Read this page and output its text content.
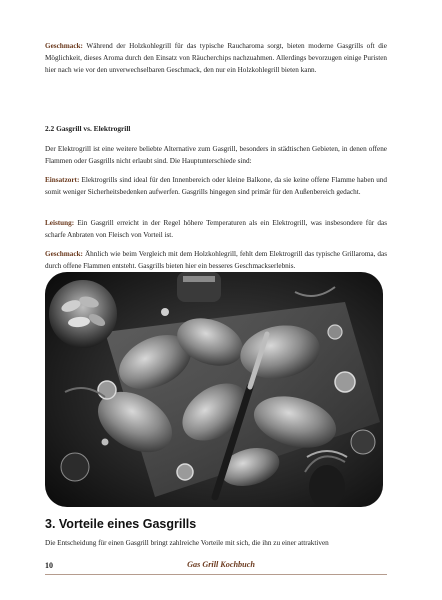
Geschmack: Während der Holzkohlegrill für das typische Raucharoma sorgt, bieten moderne Gasgrills oft die Möglichkeit, dieses Aroma durch den Einsatz von Räucherchips nachzuahmen. Allerdings bevorzugen einige Puristen hier nach wie vor den unverwechselbaren Geschmack, den nur ein Holzkohlegrill bieten kann.

2.2 Gasgrill vs. Elektrogrill

Der Elektrogrill ist eine weitere beliebte Alternative zum Gasgrill, besonders in städtischen Gebieten, in denen offene Flammen oder Gasgrills nicht erlaubt sind. Die Hauptunterschiede sind:

Einsatzort: Elektrogrills sind ideal für den Innenbereich oder kleine Balkone, da sie keine offene Flamme haben und somit weniger Sicherheitsbedenken aufwerfen. Gasgrills hingegen sind primär für den Außenbereich gedacht.

Leistung: Ein Gasgrill erreicht in der Regel höhere Temperaturen als ein Elektrogrill, was insbesondere für das scharfe Anbraten von Fleisch von Vorteil ist.

Geschmack: Ähnlich wie beim Vergleich mit dem Holzkohlegrill, fehlt dem Elektrogrill das typische Grillaroma, das durch offene Flammen entsteht. Gasgrills bieten hier ein besseres Geschmackserlebnis.

3. Vorteile eines Gasgrills

Die Entscheidung für einen Gasgrill bringt zahlreiche Vorteile mit sich, die ihn zu einer attraktiven

10	Gas Grill Kochbuch
